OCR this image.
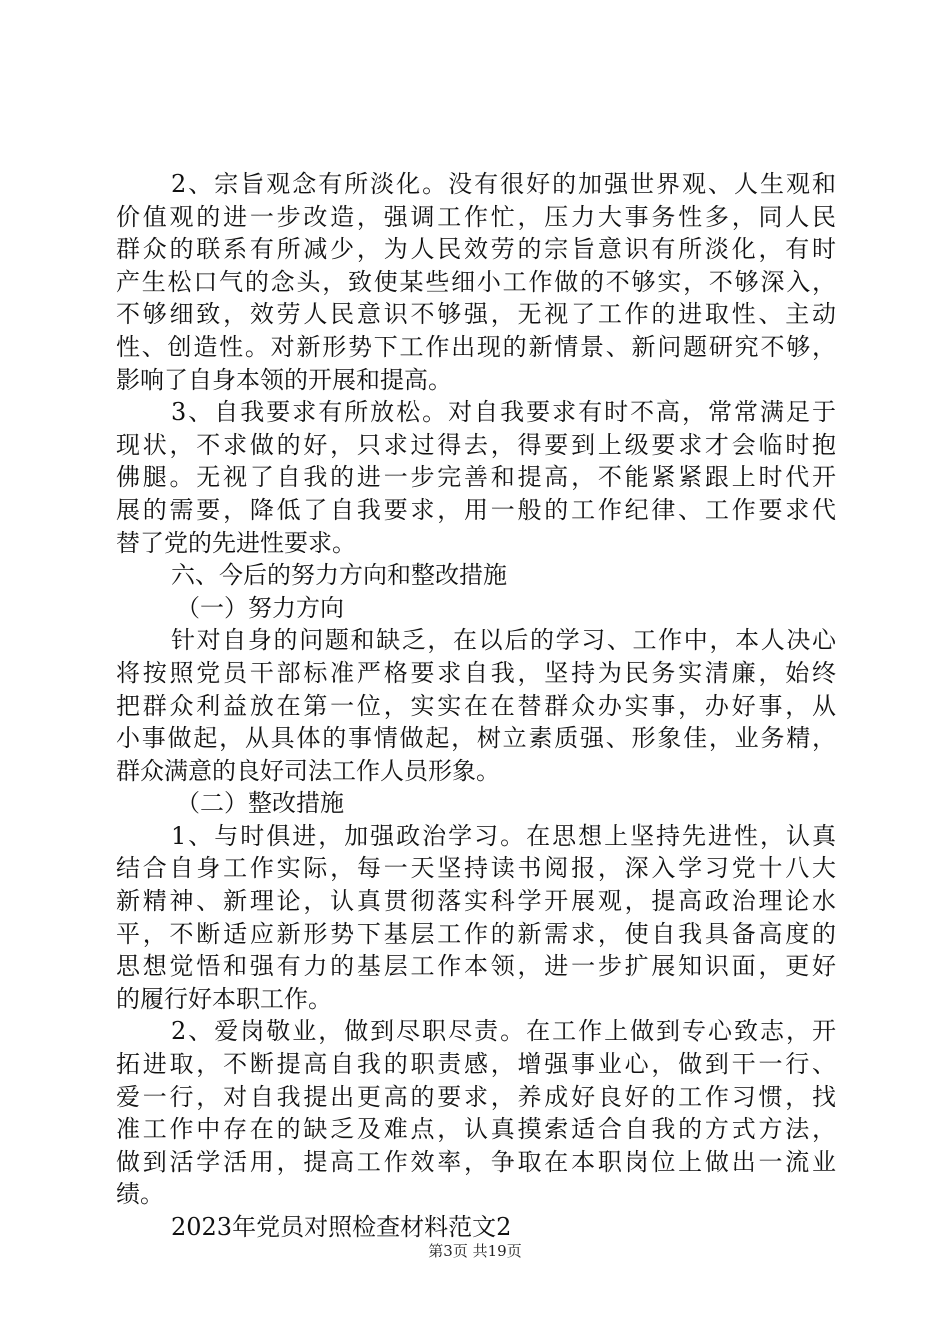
2、宗旨观念有所淡化。没有很好的加强世界观、人生观和
价值观的进一步改造，强调工作忙，压力大事务性多，同人民
群众的联系有所减少，为人民效劳的宗旨意识有所淡化，有时
产生松口气的念头，致使某些细小工作做的不够实，不够深入，
不够细致，效劳人民意识不够强，无视了工作的进取性、主动
性、创造性。对新形势下工作出现的新情景、新问题研究不够，
影响了自身本领的开展和提高。
3、自我要求有所放松。对自我要求有时不高，常常满足于
现状，不求做的好，只求过得去，得要到上级要求才会临时抱
佛腿。无视了自我的进一步完善和提高，不能紧紧跟上时代开
展的需要，降低了自我要求，用一般的工作纪律、工作要求代
替了党的先进性要求。
六、今后的努力方向和整改措施
（一）努力方向
针对自身的问题和缺乏，在以后的学习、工作中，本人决心
将按照党员干部标准严格要求自我，坚持为民务实清廉，始终
把群众利益放在第一位，实实在在替群众办实事，办好事，从
小事做起，从具体的事情做起，树立素质强、形象佳，业务精，
群众满意的良好司法工作人员形象。
（二）整改措施
1、与时俱进，加强政治学习。在思想上坚持先进性，认真
结合自身工作实际，每一天坚持读书阅报，深入学习党十八大
新精神、新理论，认真贯彻落实科学开展观，提高政治理论水
平，不断适应新形势下基层工作的新需求，使自我具备高度的
思想觉悟和强有力的基层工作本领，进一步扩展知识面，更好
的履行好本职工作。
2、爱岗敬业，做到尽职尽责。在工作上做到专心致志，开
拓进取，不断提高自我的职责感，增强事业心，做到干一行、
爱一行，对自我提出更高的要求，养成好良好的工作习惯，找
准工作中存在的缺乏及难点，认真摸索适合自我的方式方法，
做到活学活用，提高工作效率，争取在本职岗位上做出一流业
绩。
2023年党员对照检查材料范文2
第3页 共19页
